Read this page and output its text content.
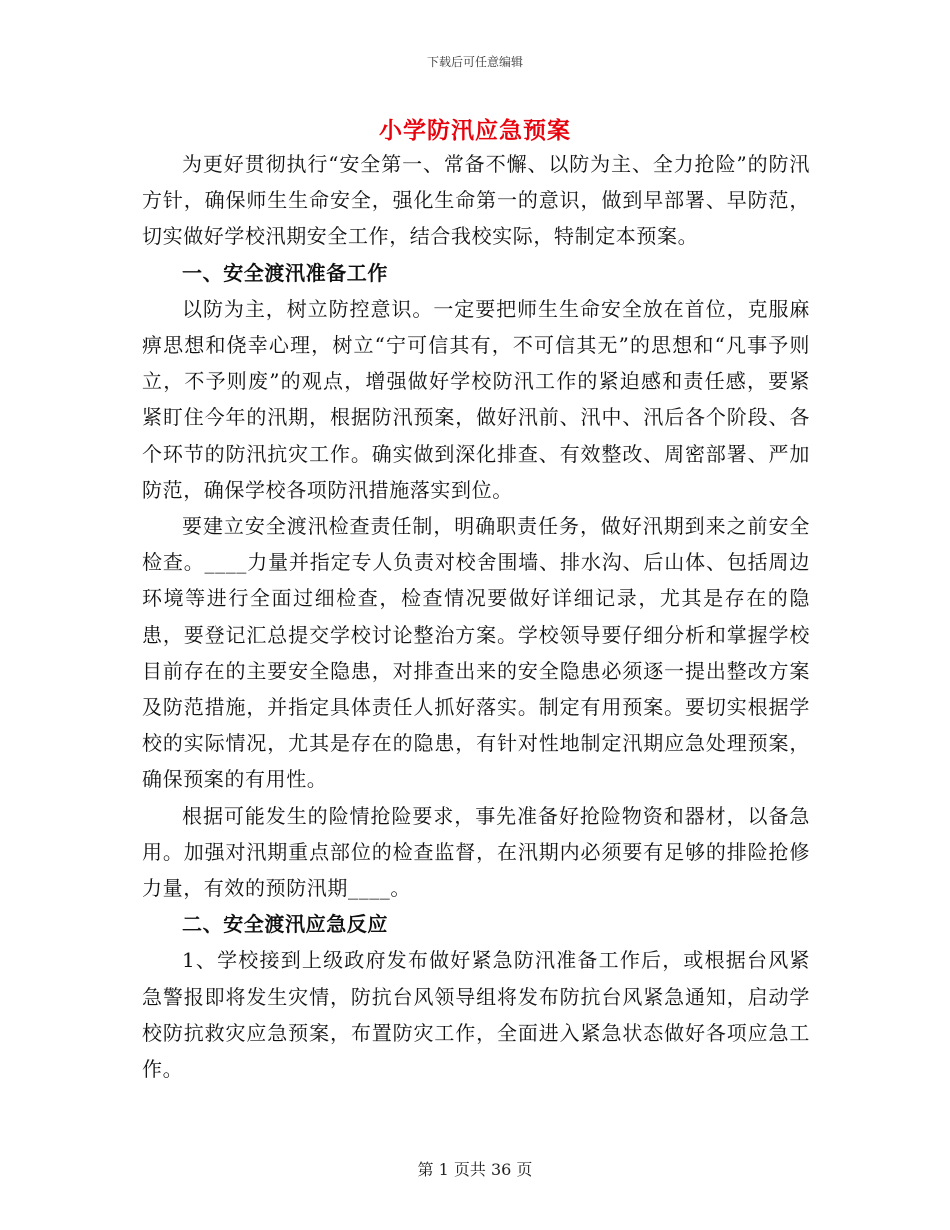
下载后可任意编辑
小学防汛应急预案

为更好贯彻执行“安全第一、常备不懈、以防为主、全力抢险”的防汛方针，确保师生生命安全，强化生命第一的意识，做到早部署、早防范，切实做好学校汛期安全工作，结合我校实际，特制定本预案。

一、安全渡汛准备工作

以防为主，树立防控意识。一定要把师生生命安全放在首位，克服麻痹思想和侥幸心理，树立“宁可信其有，不可信其无”的思想和“凡事予则立，不予则废”的观点，增强做好学校防汛工作的紧迫感和责任感，要紧紧盯住今年的汛期，根据防汛预案，做好汛前、汛中、汛后各个阶段、各个环节的防汛抗灾工作。确实做到深化排查、有效整改、周密部署、严加防范，确保学校各项防汛措施落实到位。

要建立安全渡汛检查责任制，明确职责任务，做好汛期到来之前安全检查。____力量并指定专人负责对校舍围墙、排水沟、后山体、包括周边环境等进行全面过细检查，检查情况要做好详细记录，尤其是存在的隐患，要登记汇总提交学校讨论整治方案。学校领导要仔细分析和掌握学校目前存在的主要安全隐患，对排查出来的安全隐患必须逐一提出整改方案及防范措施，并指定具体责任人抓好落实。制定有用预案。要切实根据学校的实际情况，尤其是存在的隐患，有针对性地制定汛期应急处理预案，确保预案的有用性。

根据可能发生的险情抢险要求，事先准备好抢险物资和器材，以备急用。加强对汛期重点部位的检查监督，在汛期内必须要有足够的排险抢修力量，有效的预防汛期____。

二、安全渡汛应急反应

1、学校接到上级政府发布做好紧急防汛准备工作后，或根据台风紧急警报即将发生灾情，防抗台风领导组将发布防抗台风紧急通知，启动学校防抗救灾应急预案，布置防灾工作，全面进入紧急状态做好各项应急工作。

第 1 页共 36 页
